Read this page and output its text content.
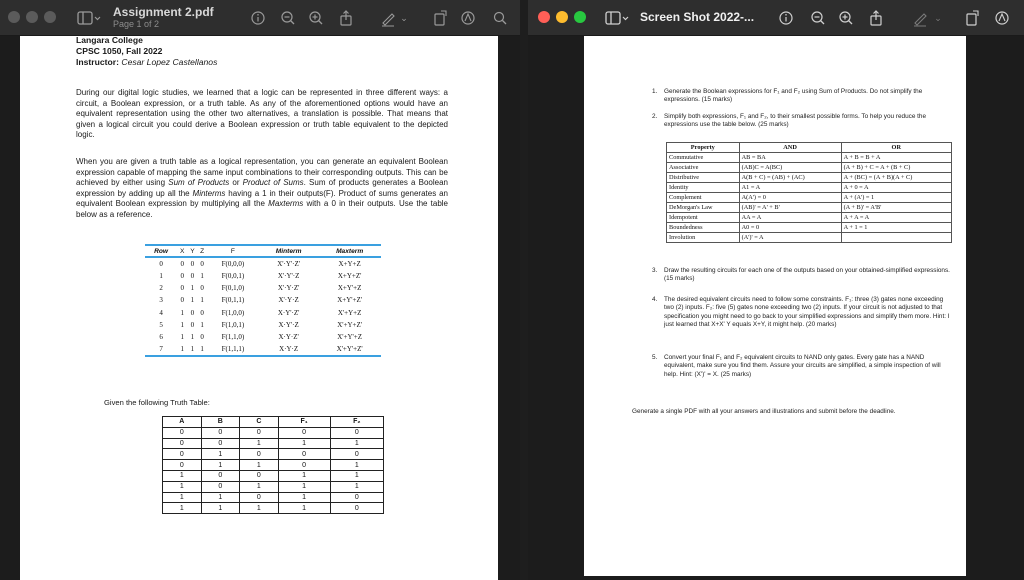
Assignment 2.pdf
Page 1 of 2
⌄
Langara College
CPSC 1050, Fall 2022
Instructor: Cesar Lopez Castellanos
During our digital logic studies, we learned that a logic can be represented in three different ways: a circuit, a Boolean expression, or a truth table. As any of the aforementioned options would have an equivalent representation using the other two alternatives, a translation is possible. That means that given a logical circuit you could derive a Boolean expression or truth table equivalent to the depicted logic.
When you are given a truth table as a logical representation, you can generate an equivalent Boolean expression capable of mapping the same input combinations to their corresponding outputs. This can be achieved by either using Sum of Products or Product of Sums. Sum of products generates a Boolean expression by adding up all the Minterms having a 1 in their outputs(F). Product of sums generates an equivalent Boolean expression by multiplying all the Maxterms with a 0 in their outputs. Use the table below as a reference.
Row	X	Y	Z	F	Minterm	Maxterm
0	0	0	0	F(0,0,0)	X'·Y'·Z'	X+Y+Z
1	0	0	1	F(0,0,1)	X'·Y'·Z	X+Y+Z'
2	0	1	0	F(0,1,0)	X'·Y·Z'	X+Y'+Z
3	0	1	1	F(0,1,1)	X'·Y·Z	X+Y'+Z'
4	1	0	0	F(1,0,0)	X·Y'·Z'	X'+Y+Z
5	1	0	1	F(1,0,1)	X·Y'·Z	X'+Y+Z'
6	1	1	0	F(1,1,0)	X·Y·Z'	X'+Y'+Z
7	1	1	1	F(1,1,1)	X·Y·Z	X'+Y'+Z'
Given the following Truth Table:
A	B	C	F₁	F₂
0	0	0	0	0
0	0	1	1	1
0	1	0	0	0
0	1	1	0	1
1	0	0	1	1
1	0	1	1	1
1	1	0	1	0
1	1	1	1	0
Screen Shot 2022-...	⌄
1. Generate the Boolean expressions for F₁ and F₂ using Sum of Products. Do not simplify the expressions. (15 marks)
2. Simplify both expressions, F₁ and F₂, to their smallest possible forms. To help you reduce the expressions use the table below. (25 marks)
Property	AND	OR
Commutative	AB = BA	A + B = B + A
Associative	(AB)C = A(BC)	(A + B) + C = A + (B + C)
Distributive	A(B + C) = (AB) + (AC)	A + (BC) = (A + B)(A + C)
Identity	A1 = A	A + 0 = A
Complement	A(A') = 0	A + (A') = 1
DeMorgan's Law	(AB)' = A' + B'	(A + B)' = A'B'
Idempotent	AA = A	A + A = A
Boundedness	A0 = 0	A + 1 = 1
Involution	(A')' = A	
3. Draw the resulting circuits for each one of the outputs based on your obtained-simplified expressions. (15 marks)
4. The desired equivalent circuits need to follow some constraints. F₁: three (3) gates none exceeding two (2) inputs. F₂: five (5) gates none exceeding two (2) inputs. If your circuit is not adjusted to that specification you might need to go back to your simplified expressions and simplify them more. Hint: I just learned that X+X' Y equals X+Y, it might help. (20 marks)
5. Convert your final F₁ and F₂ equivalent circuits to NAND only gates. Every gate has a NAND equivalent, make sure you find them. Assure your circuits are simplified, a simple inspection of will help. Hint: (X')' = X. (25 marks)
Generate a single PDF with all your answers and illustrations and submit before the deadline.
